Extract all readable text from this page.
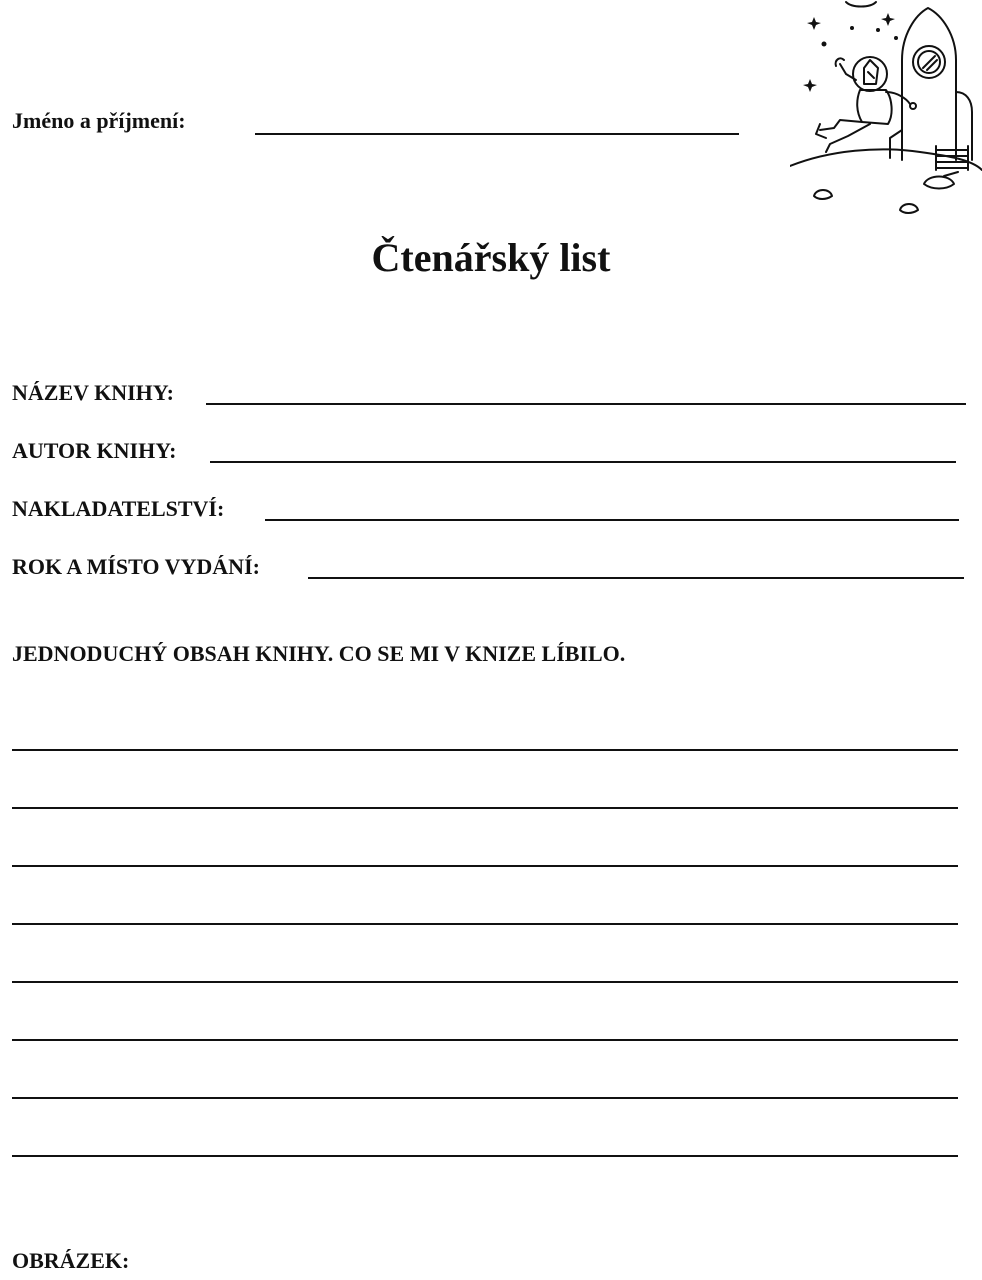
Jméno a příjmení:
Čtenářský list
NÁZEV KNIHY:
AUTOR KNIHY:
NAKLADATELSTVÍ:
ROK A MÍSTO VYDÁNÍ:
JEDNODUCHÝ OBSAH KNIHY. CO SE MI V KNIZE LÍBILO.
OBRÁZEK:
